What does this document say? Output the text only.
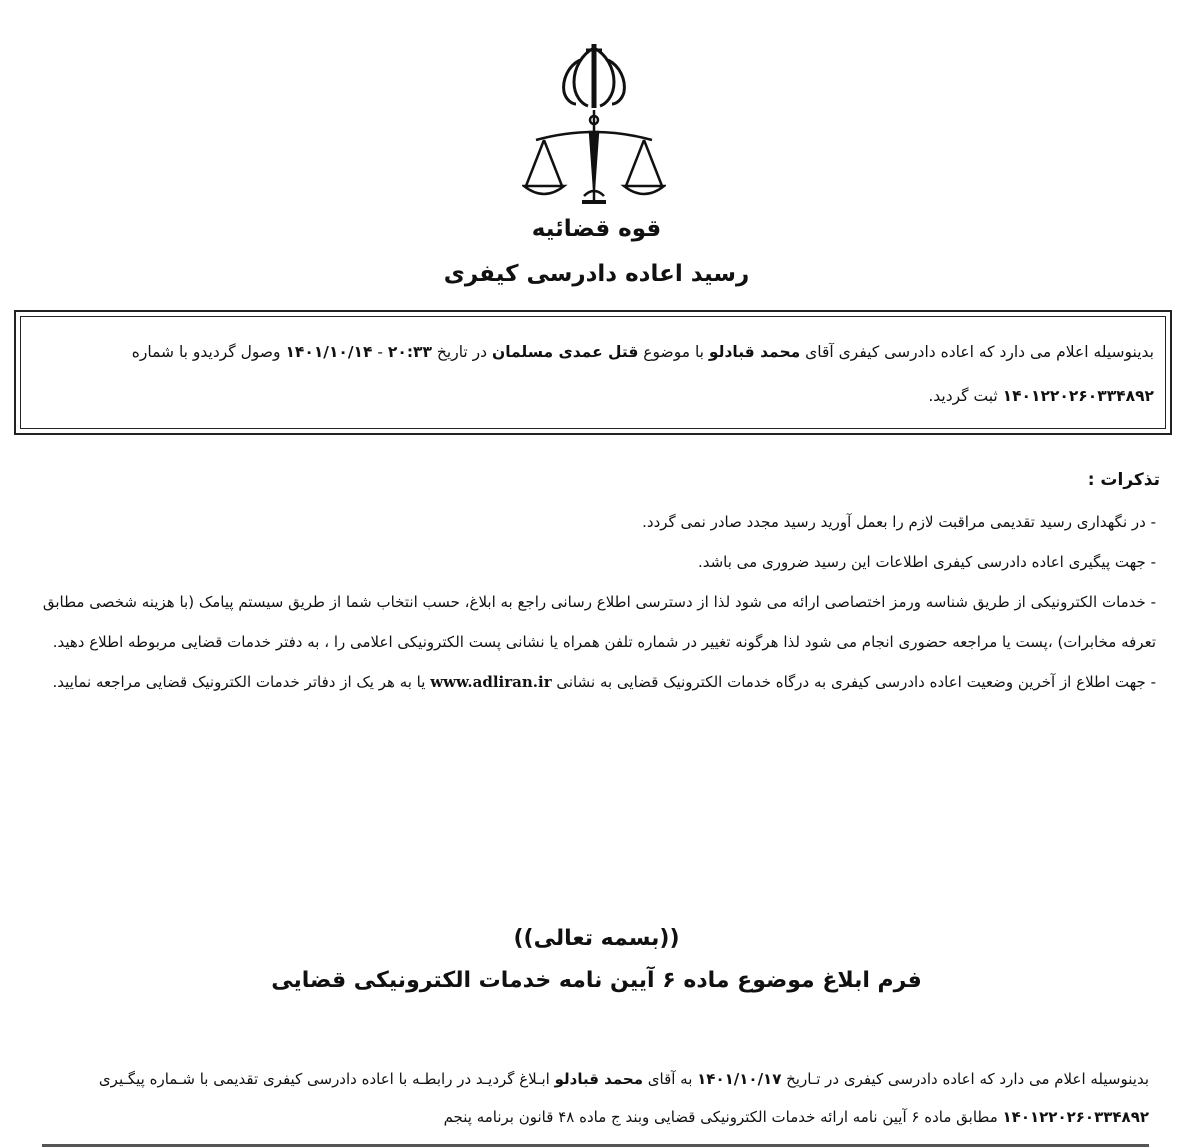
قوه قضائیه
رسید اعاده دادرسی کیفری
بدینوسیله اعلام می دارد که اعاده دادرسی کیفری آقای محمد قبادلو با موضوع قتل عمدی مسلمان در تاریخ ۲۰:۳۳ - ۱۴۰۱/۱۰/۱۴ وصول گردیدو با شماره ۱۴۰۱۲۲۰۲۶۰۳۳۴۸۹۲ ثبت گردید.
تذکرات :

- در نگهداری رسید تقدیمی مراقبت لازم را بعمل آورید رسید مجدد صادر نمی گردد.

- جهت پیگیری اعاده دادرسی کیفری اطلاعات این رسید ضروری می باشد.

- خدمات الکترونیکی از طریق شناسه ورمز اختصاصی ارائه می شود لذا از دسترسی اطلاع رسانی راجع به ابلاغ، حسب انتخاب شما از طریق سیستم پیامک (با هزینه شخصی مطابق تعرفه مخابرات) ،پست یا مراجعه حضوری انجام می شود لذا هرگونه تغییر در شماره تلفن همراه یا نشانی پست الکترونیکی اعلامی را ، به دفتر خدمات قضایی مربوطه اطلاع دهید.

- جهت اطلاع از آخرین وضعیت اعاده دادرسی کیفری به درگاه خدمات الکترونیک قضایی به نشانی www.adliran.ir یا به هر یک از دفاتر خدمات الکترونیک قضایی مراجعه نمایید.

((بسمه تعالی))
فرم ابلاغ موضوع ماده ۶ آیین نامه خدمات الکترونیکی قضایی

بدینوسیله اعلام می دارد که اعاده دادرسی کیفری در تـاریخ ۱۴۰۱/۱۰/۱۷ به آقای محمد قبادلو ابـلاغ گردیـد در رابطـه با اعاده دادرسی کیفری تقدیمی با شـماره پیگـیری ۱۴۰۱۲۲۰۲۶۰۳۳۴۸۹۲ مطابق ماده ۶ آیین نامه ارائه خدمات الکترونیکی قضایی وبند ج ماده ۴۸ قانون برنامه پنجم
